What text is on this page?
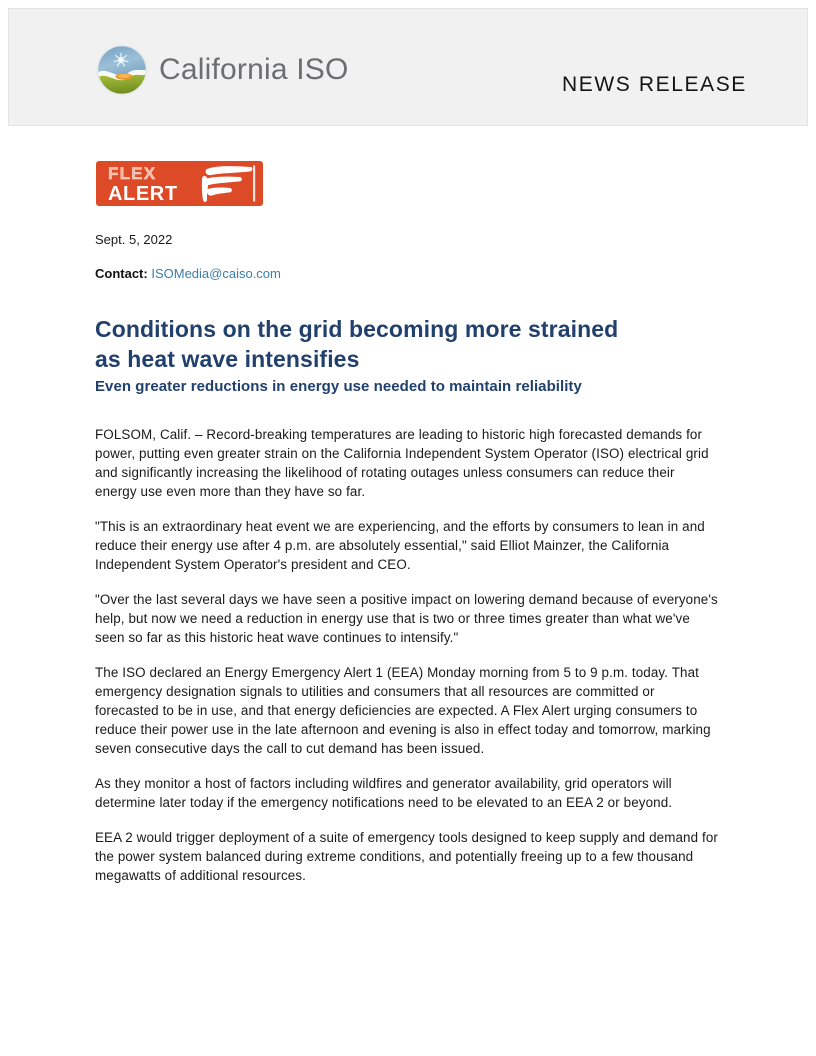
California ISO	NEWS RELEASE
FLEX
ALERT

Sept. 5, 2022

Contact: ISOMedia@caiso.com

Conditions on the grid becoming more strained
as heat wave intensifies
Even greater reductions in energy use needed to maintain reliability

FOLSOM, Calif. – Record-breaking temperatures are leading to historic high forecasted demands for power, putting even greater strain on the California Independent System Operator (ISO) electrical grid and significantly increasing the likelihood of rotating outages unless consumers can reduce their energy use even more than they have so far.

"This is an extraordinary heat event we are experiencing, and the efforts by consumers to lean in and reduce their energy use after 4 p.m. are absolutely essential," said Elliot Mainzer, the California Independent System Operator's president and CEO.

"Over the last several days we have seen a positive impact on lowering demand because of everyone's help, but now we need a reduction in energy use that is two or three times greater than what we've seen so far as this historic heat wave continues to intensify."

The ISO declared an Energy Emergency Alert 1 (EEA) Monday morning from 5 to 9 p.m. today. That emergency designation signals to utilities and consumers that all resources are committed or forecasted to be in use, and that energy deficiencies are expected. A Flex Alert urging consumers to reduce their power use in the late afternoon and evening is also in effect today and tomorrow, marking seven consecutive days the call to cut demand has been issued.

As they monitor a host of factors including wildfires and generator availability, grid operators will determine later today if the emergency notifications need to be elevated to an EEA 2 or beyond.

EEA 2 would trigger deployment of a suite of emergency tools designed to keep supply and demand for the power system balanced during extreme conditions, and potentially freeing up to a few thousand megawatts of additional resources.
